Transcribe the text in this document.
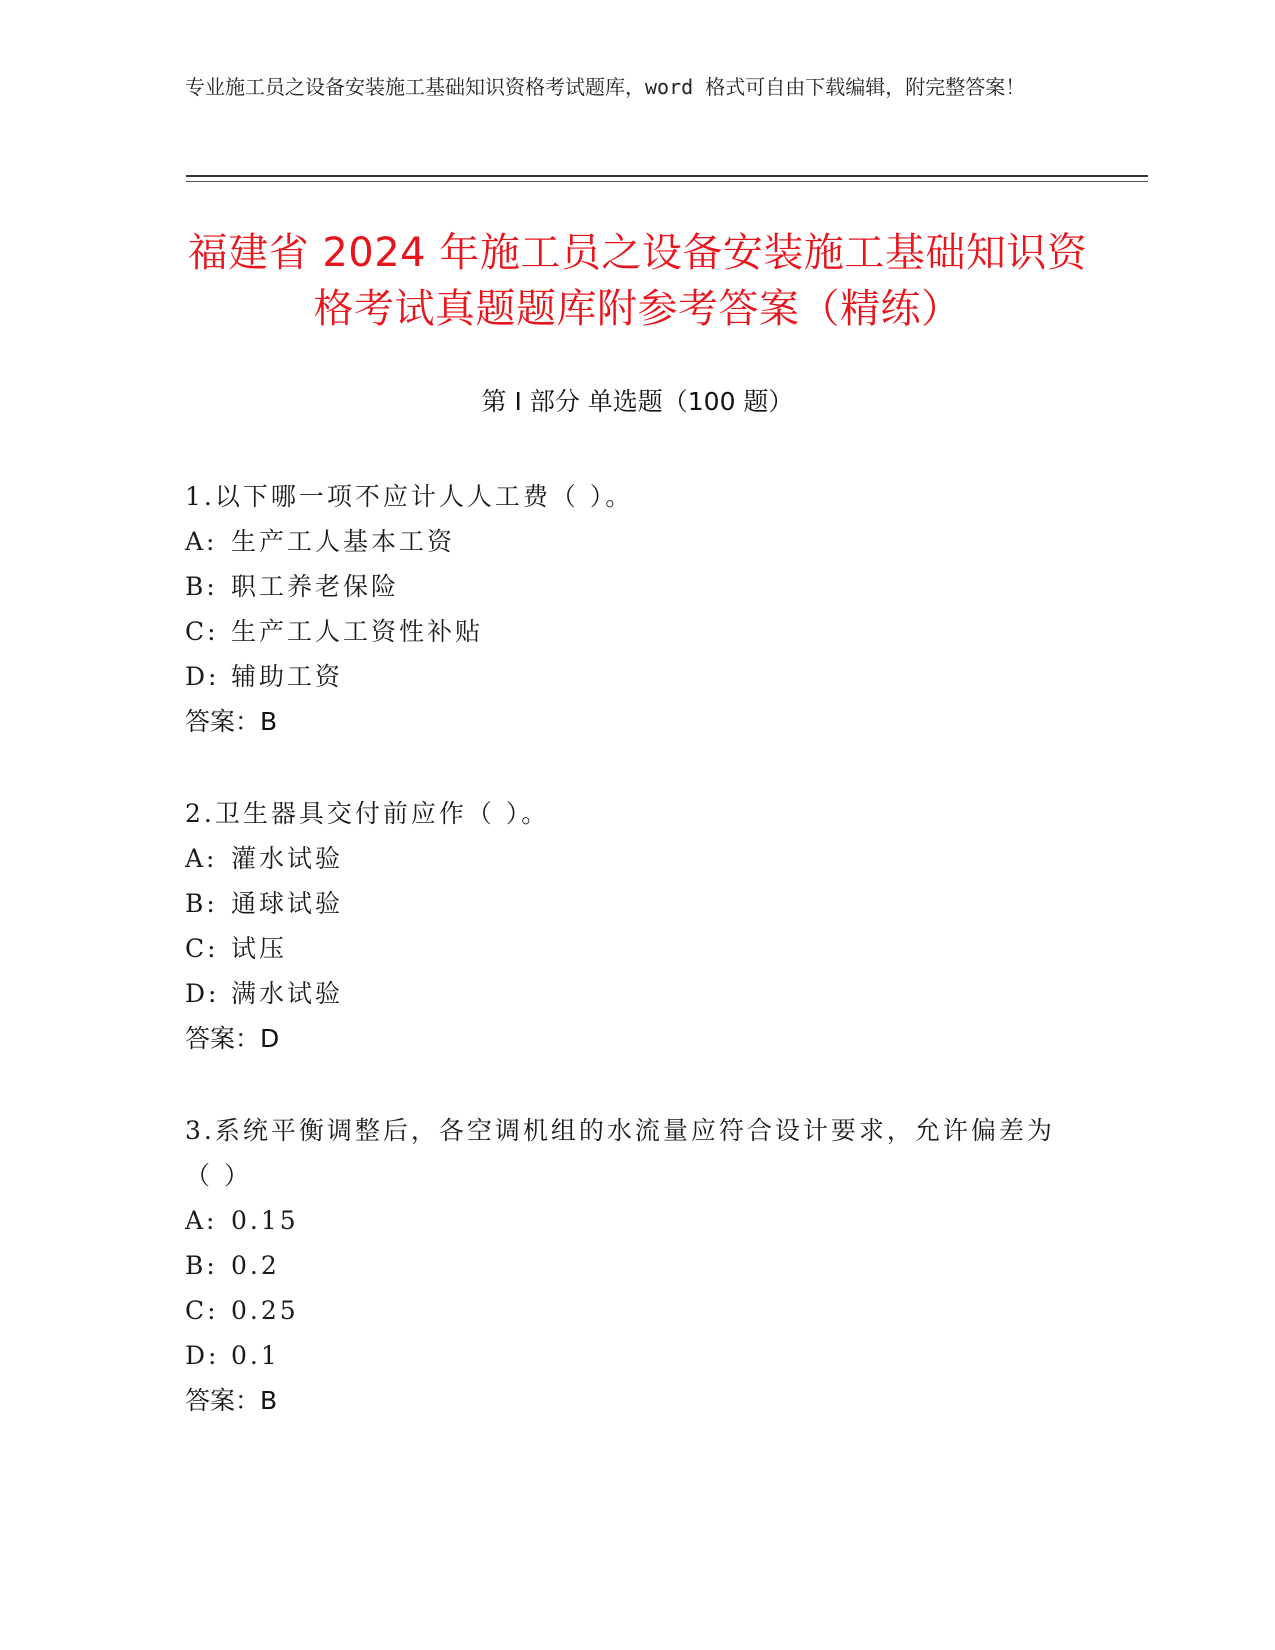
专业施工员之设备安装施工基础知识资格考试题库，word 格式可自由下载编辑，附完整答案！
福建省 2024 年施工员之设备安装施工基础知识资格考试真题题库附参考答案（精练）
第 I 部分 单选题（100 题）
1.以下哪一项不应计人人工费（ ）。
A: 生产工人基本工资
B: 职工养老保险
C: 生产工人工资性补贴
D: 辅助工资
答案：B
2.卫生器具交付前应作（ ）。
A: 灌水试验
B: 通球试验
C: 试压
D: 满水试验
答案：D
3.系统平衡调整后，各空调机组的水流量应符合设计要求，允许偏差为（ ）
A: 0.15
B: 0.2
C: 0.25
D: 0.1
答案：B
